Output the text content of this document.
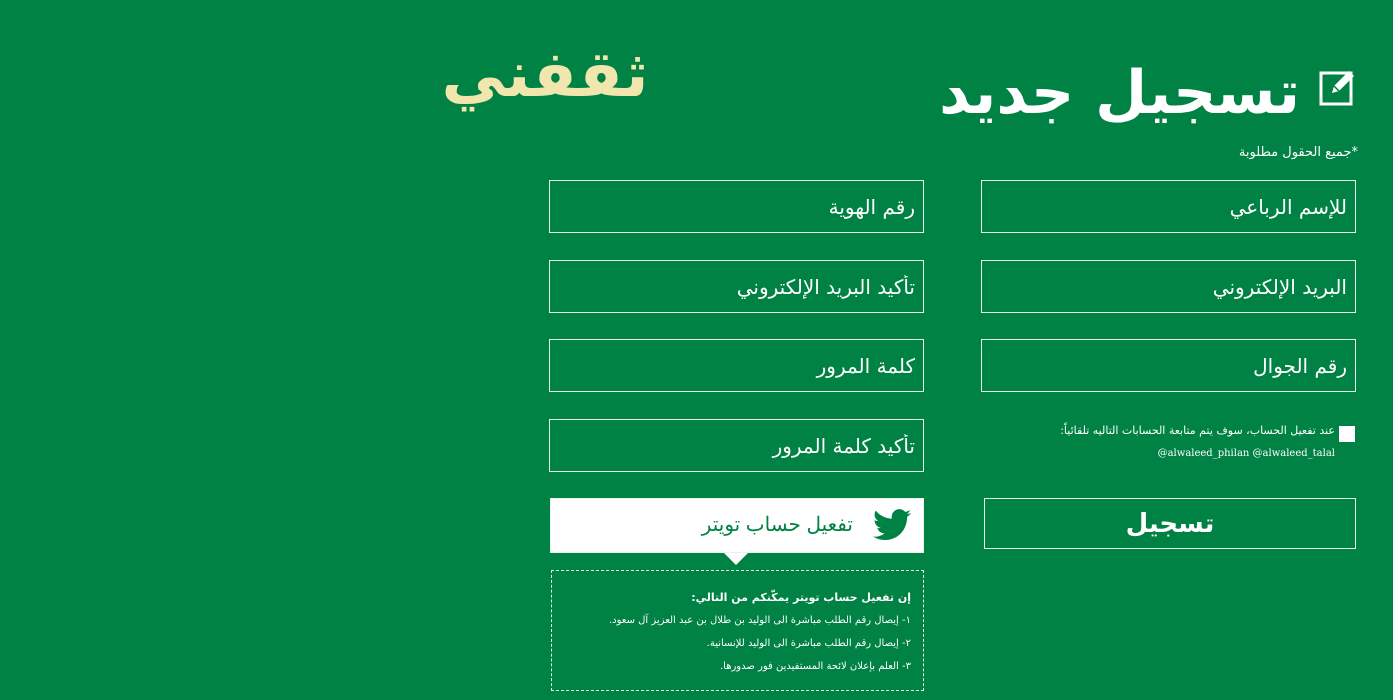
ثقفني	تسجيل جديد
*جميع الحقول مطلوبة
للإسم الرباعي
البريد الإلكتروني
رقم الجوال
رقم الهوية
تأكيد البريد الإلكتروني
عند تفعيل الحساب، سوف يتم متابعة الحسابات التاليه تلقائياً:
@alwaleed_philan @alwaleed_talal
تسجيل
تفعيل حساب تويتر
إن تفعيل حساب تويتر يمكّنكم من التالي:
١- إيصال رقم الطلب مباشرة الى الوليد بن طلال بن عبد العزيز آل سعود.
٢- إيصال رقم الطلب مباشرة الى الوليد للإنسانية.
٣- العلم بإعلان لائحة المستفيدين فور صدورها.
